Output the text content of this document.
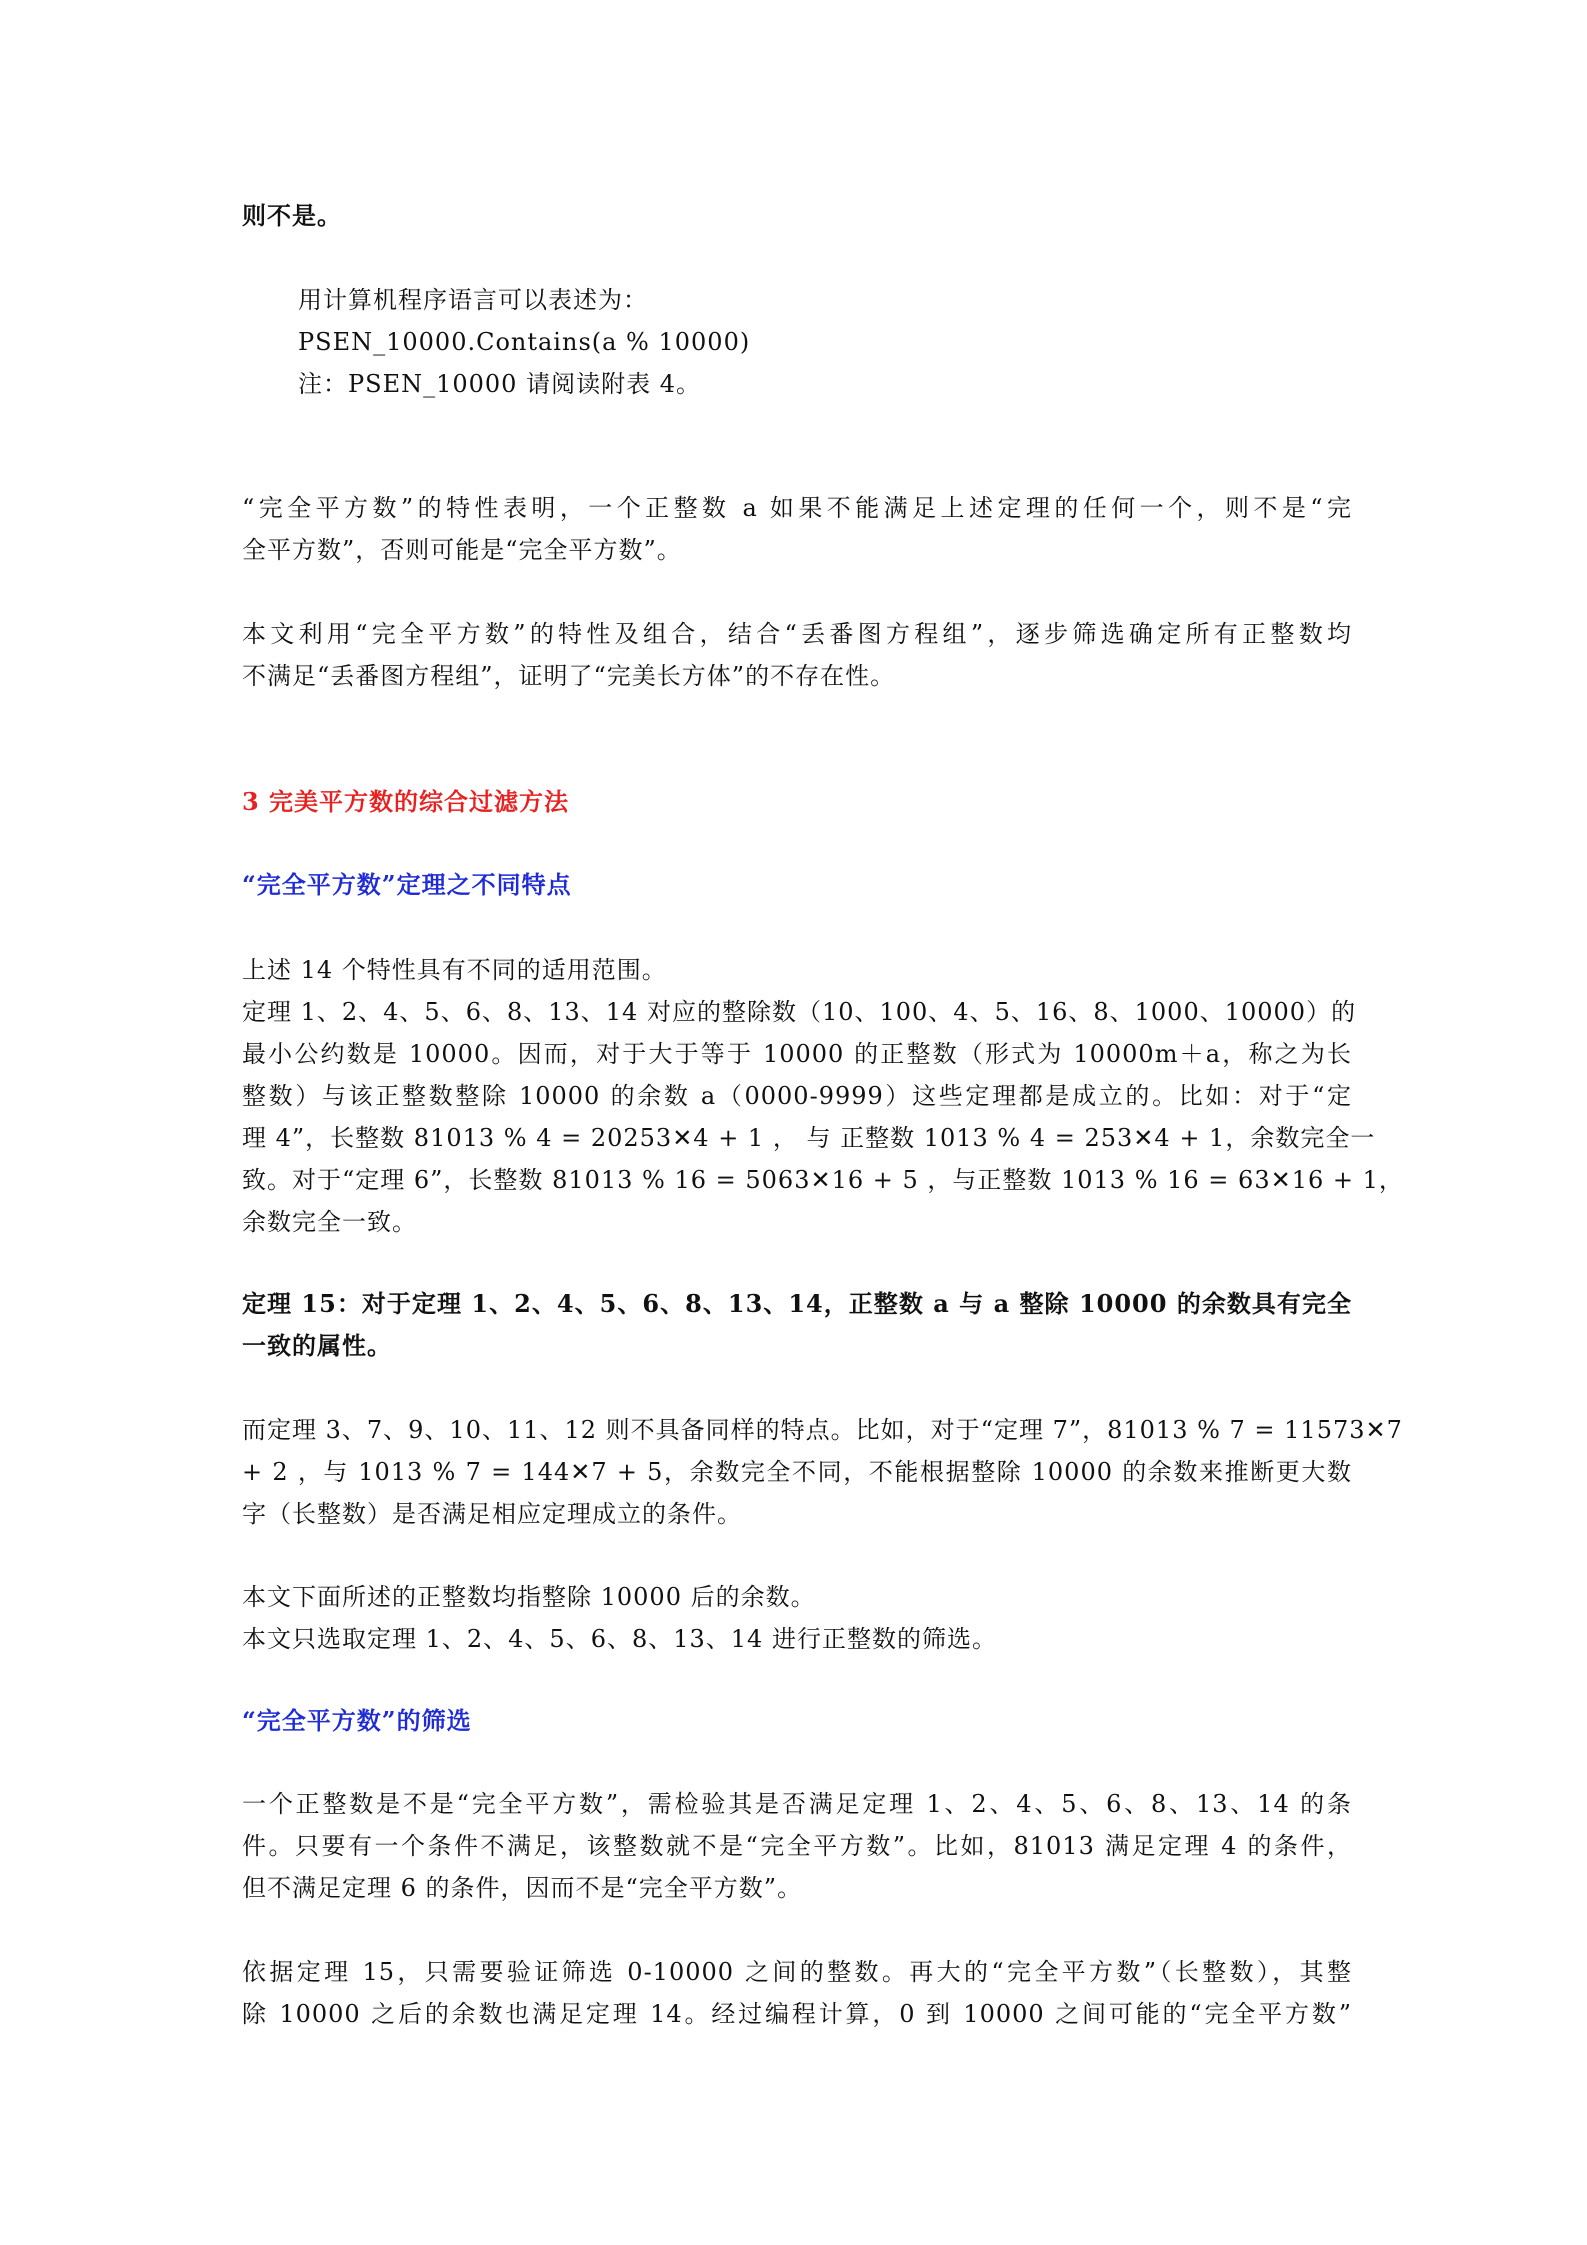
则不是。
用计算机程序语言可以表述为：
PSEN_10000.Contains(a % 10000)
注：PSEN_10000 请阅读附表 4。
“完全平方数”的特性表明，一个正整数 a 如果不能满足上述定理的任何一个，则不是“完
全平方数”，否则可能是“完全平方数”。
本文利用“完全平方数”的特性及组合，结合“丢番图方程组”，逐步筛选确定所有正整数均
不满足“丢番图方程组”，证明了“完美长方体”的不存在性。
3 完美平方数的综合过滤方法
“完全平方数”定理之不同特点
上述 14 个特性具有不同的适用范围。
定理 1、2、4、5、6、8、13、14 对应的整除数（10、100、4、5、16、8、1000、10000）的
最小公约数是 10000。因而，对于大于等于 10000 的正整数（形式为 10000m＋a，称之为长
整数）与该正整数整除 10000 的余数 a（0000-9999）这些定理都是成立的。比如：对于“定
理 4”，长整数 81013 % 4 = 20253✕4 + 1 ， 与 正整数 1013 % 4 = 253✕4 + 1，余数完全一
致。对于“定理 6”，长整数 81013 % 16 = 5063✕16 + 5 ，与正整数 1013 % 16 = 63✕16 + 1，
余数完全一致。
定理 15：对于定理 1、2、4、5、6、8、13、14，正整数 a 与 a 整除 10000 的余数具有完全
一致的属性。
而定理 3、7、9、10、11、12 则不具备同样的特点。比如，对于“定理 7”，81013 % 7 = 11573✕7
+ 2 ，与 1013 % 7 = 144✕7 + 5，余数完全不同，不能根据整除 10000 的余数来推断更大数
字（长整数）是否满足相应定理成立的条件。
本文下面所述的正整数均指整除 10000 后的余数。
本文只选取定理 1、2、4、5、6、8、13、14 进行正整数的筛选。
“完全平方数”的筛选
一个正整数是不是“完全平方数”，需检验其是否满足定理 1、2、4、5、6、8、13、14 的条
件。只要有一个条件不满足，该整数就不是“完全平方数”。比如，81013 满足定理 4 的条件，
但不满足定理 6 的条件，因而不是“完全平方数”。
依据定理 15，只需要验证筛选 0-10000 之间的整数。再大的“完全平方数”（长整数），其整
除 10000 之后的余数也满足定理 14。经过编程计算，0 到 10000 之间可能的“完全平方数”
